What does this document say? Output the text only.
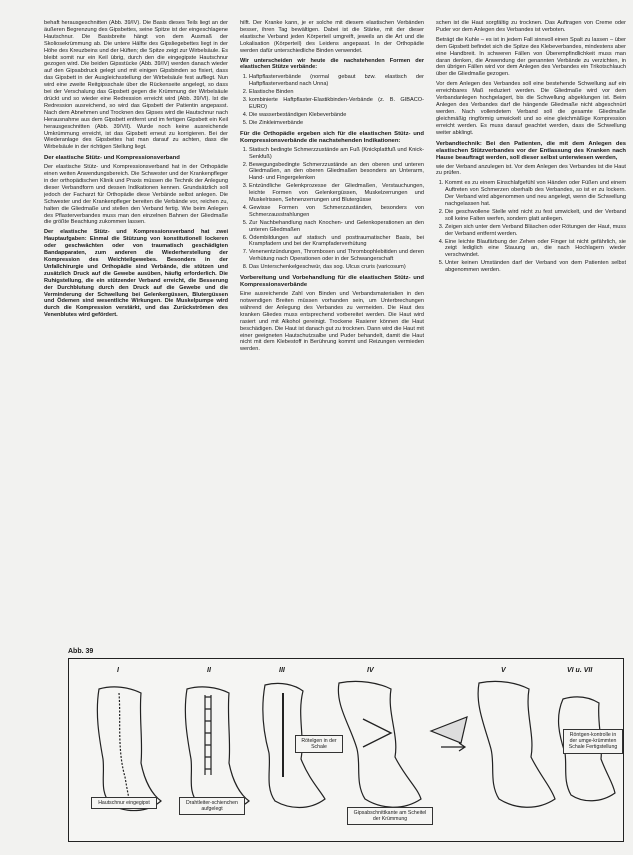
behaft herausgeschnitten (Abb. 39/IV). Die Basis dieses Teils liegt an der äußeren Begrenzung des Gipsbettes, seine Spitze ist der eingeschlagene Hautschnur. Die Basisbreite hängt von dem Ausmaß der Skoliosekrümmung ab. Die untere Hälfte des Gipsliegebettes liegt in der Höhe des Kreuzbeins und der Hüften; die Spitze zeigt zur Wirbelsäule. Es bleibt somit nur ein Keil übrig, durch den die eingegipste Hautschnur gezogen wird. Die beiden Gipsstücke (Abb. 39/IV) werden danach wieder auf den Gipsabdruck gelegt und mit einigen Gipsbinden so fixiert, dass das Gipsbett in der Ausgleichsstellung der Wirbelsäule fest aufliegt. Nun wird eine zweite Reitgipsschale über die Rückenseite angelegt, so dass bei der Verschalung das Gipsbett gegen die Krümmung der Wirbelsäule drückt und so wieder eine Redression erreicht wird (Abb. 39/VI). Ist die Redression ausreichend, so wird das Gipsbett der Patientin angepasst. Nach dem Abnehmen und Trocknen des Gipses wird die Hautschnur nach Herausnahme aus dem Gipsbett entfernt und im fertigen Gipsbett ein Keil herausgeschnitten (Abb. 39/VII). Wurde noch keine ausreichende Umkrümmung erreicht, ist das Gipsbett erneut zu korrigieren. Bei der Wiederanlage des Gipsbettes hat man darauf zu achten, dass die Wirbelsäule in der richtigen Stellung liegt.

Der elastische Stütz- und Kompressionsverband

Der elastische Stütz- und Kompressionsverband hat in der Orthopädie einen weiten Anwendungsbereich. Die Schwester und der Krankenpfleger in der orthopädischen Klinik und Praxis müssen die Technik der Anlegung dieser Verbandform und dessen Indikationen kennen. Grundsätzlich soll jedoch der Facharzt für Orthopädie diese Verbände selbst anlegen. Die Schwester und der Krankenpfleger bereiten die Verbände vor, reichen zu, halten die Gliedmaße und stellen den Verband fertig. Wie beim Anlegen des Pflasterverbandes muss man den einzelnen Bahnen der Gliedmaße die größte Beachtung zukommen lassen.

Der elastische Stütz- und Kompressionsverband hat zwei Hauptaufgaben: Einmal die Stützung von konstitutionell lockeren oder geschwächten oder von traumatisch geschädigten Bandapparaten, zum anderen die Wiederherstellung der Kompression des Weichteilgewebes. Besonders in der Unfallchirurgie und Orthopädie sind Verbände, die stützen und zusätzlich Druck auf die Gewebe ausüben, häufig erforderlich. Die Ruhigstellung, die ein stützender Verband erreicht, die Besserung der Durchblutung durch den Druck auf die Gewebe und die Verminderung der Schwellung bei Gelenkergüssen, Blutergüssen und Ödemen sind wesentliche Wirkungen. Die Muskelpumpe wird durch die Kompression verstärkt, und das Zurückströmen des Venenblutes wird gefördert.

hilft. Der Kranke kann, je er solche mit diesem elastischen Verbänden besser, ihren Tag bewältigen. Dabei ist die Stärke, mit der dieser elastische Verband jeden Körperteil umgreift, jeweils an die Art und die Lokalisation (Körperteil) des Leidens angepasst. In der Orthopädie werden dafür unterschiedliche Binden verwendet.

Wir unterscheiden wir heute die nachstehenden Formen der elastischen Stütze verbände:

1. Haftpflasterverbände (normal gebaut bzw. elastisch der Haftpflasterverband nach Unna)
2. Elastische Binden
3. kombinierte Haftpflaster-Elastikbinden-Verbände (z. B. GIBACO-EURO)
4. Die wasserbeständigen Klebeverbände
5. Die Zinkleimverbände
Für die Orthopädie ergeben sich für die elastischen Stütz- und Kompressionsverbände die nachstehenden Indikationen:
1. Statisch bedingte Schmerzzustände am Fuß (Knickplattfuß und Knick-Senkfuß)
2. Bewegungsbedingte Schmerzzustände an den oberen und unteren Gliedmaßen, an den oberen Gliedmaßen besonders an Unterarm, Hand- und Fingergelenken
3. Entzündliche Gelenkprozesse der Gliedmaßen, Verstauchungen, leichte Formen von Gelenkergüssen, Muskelzerrungen und Muskelrissen, Sehnenzerrungen und Blutergüsse
4. Gewisse Formen von Schmerzzuständen, besonders von Schmerzausstrahlungen
5. Zur Nachbehandlung nach Knochen- und Gelenkoperationen an den unteren Gliedmaßen
6. Ödembildungen auf statisch und posttraumatischer Basis, bei Krampfadern und bei der Krampfaderverhütung
7. Venenentzündungen, Thrombosen und Thrombophlebitiden und deren Verhütung nach Operationen oder in der Schwangerschaft
8. Das Unterschenkelgeschwür, das sog. Ulcus cruris (varicosum)
Vorbereitung und Vorbehandlung für die elastischen Stütz- und Kompressionsverbände

Eine ausreichende Zahl von Binden und Verbandsmaterialien in den notwendigen Breiten müssen vorhanden sein, um Unterbrechungen während der Anlegung des Verbandes zu vermeiden. Die Haut des kranken Gliedes muss entsprechend vorbereitet werden. Die Haut wird rasiert und mit Alkohol gereinigt. Trockene Rasierer können die Haut beschädigen. Die Haut ist danach gut zu trocknen. Dann wird die Haut mit einer geeigneten Hautschutzsalbe und Puder behandelt, damit die Haut nicht mit dem Klebestoff in Berührung kommt und Reizungen vermieden werden.

schen ist die Haut sorgfältig zu trocknen. Das Auftragen von Creme oder Puder vor dem Anlegen des Verbandes ist verboten.

Beträgt die Kuhle – es ist in jedem Fall sinnvoll einen Spalt zu lassen – über dem Gipsbett befindet sich die Spitze des Klebeverbandes, mindestens aber eine Handbreit. In schweren Fällen von Überempfindlichkeit muss man daran denken, die Anwendung der genannten Verbände zu verzichten, in den übrigen Fällen wird vor dem Anlegen des Verbandes ein Trikotschlauch über die Gliedmaße gezogen.

Vor dem Anlegen des Verbandes soll eine bestehende Schwellung auf ein erreichbares Maß reduziert werden. Die Gliedmaße wird vor dem Verbandanlegen hochgelagert, bis die Schwellung abgeklungen ist. Beim Anlegen des Verbandes darf die hängende Gliedmaße nicht abgeschnürt werden. Nach vollendetem Verband soll die gesamte Gliedmaße gleichmäßig ringförmig umwickelt und so eine gleichmäßige Kompression erreicht werden. Es muss darauf geachtet werden, dass die Schwellung weiter abklingt.

Verbandtechnik: Bei den Patienten, die mit dem Anlegen des elastischen Stützverbandes vor der Entlassung des Kranken nach Hause beauftragt werden, soll dieser selbst unterwiesen werden,

wie der Verband anzulegen ist. Vor dem Anlegen des Verbandes ist die Haut zu prüfen.

1. Kommt es zu einem Einschlafgefühl von Händen oder Füßen und einem Auftreten von Schmerzen oberhalb des Verbandes, so ist er zu lockern. Der Verband wird abgenommen und neu angelegt, wenn die Schwellung nachgelassen hat.
2. Die geschwollene Stelle wird nicht zu fest umwickelt, und der Verband soll keine Falten werfen, sondern glatt anliegen.
3. Zeigen sich unter dem Verband Bläschen oder Rötungen der Haut, muss der Verband entfernt werden.
4. Eine leichte Blaufärbung der Zehen oder Finger ist nicht gefährlich, sie zeigt lediglich eine Stauung an, die nach Hochlagern wieder verschwindet.
5. Unter keinen Umständen darf der Verband von dem Patienten selbst abgenommen werden.
Abb. 39
I	II	III	IV	V	VI u. VII
Hautschnur eingegipst	Drahtleiter-schienchen aufgelegt
Rötelgen in der Schale
Gipsabschnittkante am Scheitel der Krümmung
Röntgen-kontrolle in der umge-krümmten Schale Fertigstellung
